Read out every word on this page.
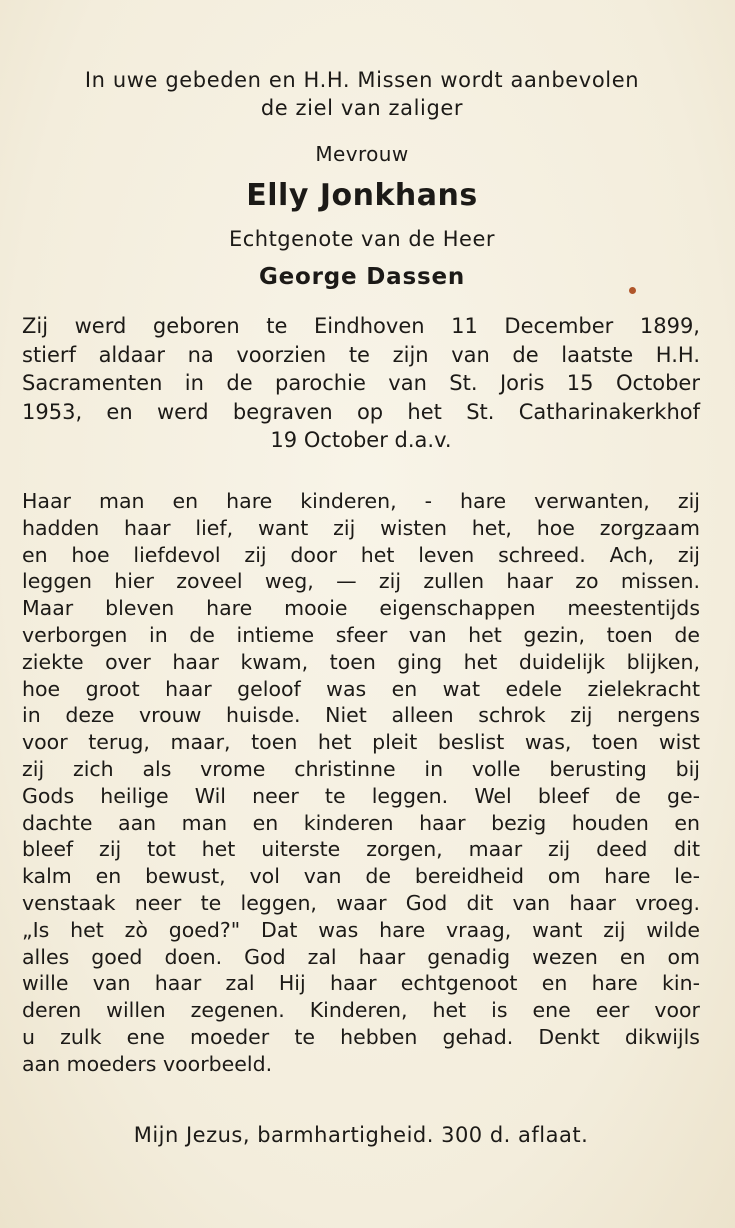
In uwe gebeden en H.H. Missen wordt aanbevolen
de ziel van zaliger
Mevrouw
Elly Jonkhans
Echtgenote van de Heer
George Dassen
Zij werd geboren te Eindhoven 11 December 1899,
stierf aldaar na voorzien te zijn van de laatste H.H.
Sacramenten in de parochie van St. Joris 15 October
1953, en werd begraven op het St. Catharinakerkhof
19 October d.a.v.
Haar man en hare kinderen, - hare verwanten, zij
hadden haar lief, want zij wisten het, hoe zorgzaam
en hoe liefdevol zij door het leven schreed. Ach, zij
leggen hier zoveel weg, — zij zullen haar zo missen.
Maar bleven hare mooie eigenschappen meestentijds
verborgen in de intieme sfeer van het gezin, toen de
ziekte over haar kwam, toen ging het duidelijk blijken,
hoe groot haar geloof was en wat edele zielekracht
in deze vrouw huisde. Niet alleen schrok zij nergens
voor terug, maar, toen het pleit beslist was, toen wist
zij zich als vrome christinne in volle berusting bij
Gods heilige Wil neer te leggen. Wel bleef de ge-
dachte aan man en kinderen haar bezig houden en
bleef zij tot het uiterste zorgen, maar zij deed dit
kalm en bewust, vol van de bereidheid om hare le-
venstaak neer te leggen, waar God dit van haar vroeg.
„Is het zò goed?" Dat was hare vraag, want zij wilde
alles goed doen. God zal haar genadig wezen en om
wille van haar zal Hij haar echtgenoot en hare kin-
deren willen zegenen. Kinderen, het is ene eer voor
u zulk ene moeder te hebben gehad. Denkt dikwijls
aan moeders voorbeeld.
Mijn Jezus, barmhartigheid. 300 d. aflaat.
